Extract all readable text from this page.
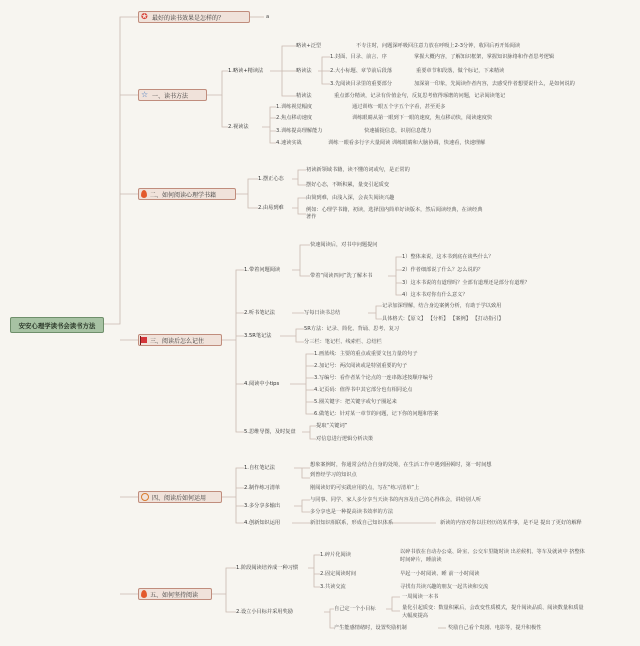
安安心理学读书会读书方法
✪ 最好的读书效果是怎样的？	a
☆ 一、读书方法
二、如何阅读心理学书籍
三、阅读后怎么记住
四、阅读后如何运用
五、如何坚持阅读
1.略读+精读法
略读+泛型	不专注时，问题深呼吸回注意力放在呼吸上2-3分钟，收回后再开始阅读
略读法
1.封面、目录、前言、序	掌握大概内容，了解知识框架，掌握知识脉络和作者思考逻辑
2.大小标题、章节前后段落	重要章节和段落，做个标记，下来精读
3.先阅读目录里的重要部分	加深第一印象，先阅读作者内容，去感受作者想要说什么，是如何说的
精读法	重点部分精读，记录有价值金句，反复思考值得琢磨的问题，记录阅读笔记
2.视读法
1.训练视觉幅度	通过训练一眼五个字五个字看，甚至更多
2.焦点移动速度	训练眼睛从第一眼到下一眼的速度，焦点移动快，阅读速度快
3.训练提高理解能力	快速捕捉信息，识别信息能力
4.速读实战	训练一眼看多行字大量阅读 训练眼睛和大脑协调，快速看，快速理解
1.摆正心态
初读新领域书籍，读不懂的词或句，是正常的
摆好心态，不断积累，量变引起质变
2.由易到难
由简到难，由浅入深，会丧失阅读兴趣
例如：心理学书籍，初读，选择国内简单好读版本，然后阅读经典，在读经典
著作
1.带着问题阅读
快速阅读后，对书中问题提问
带着“阅读四问”洗了解本书
1）整体来说，这本书到底在谈些什么？
2）作者细部说了什么？怎么说的？
3）这本书说的有道理吗？全部有道理还是部分有道理？
4）这本书对你有什么意义？
2.听书笔记法	写每日读书总结
记录加深理解，结合身边案例分析，有助于学以致用
具体格式：【原文】 【分析】 【案例】 【打动指引】
3.5R笔记法
5R方法：记录、简化、背诵、思考、复习
分三栏：笔记栏、线索栏、总结栏
4.阅读中小tips
1.画蓝线：主要的重点或重要文包力量的句子
2.加记号：两次阅读或是特别重要的句子
3.写编号：看作者某个论点的一连串陈述按顺序编号
4.记页码：值得书中其它部分也有相同论点
5.圈关键字：把关键字或句子圈起来
6.做笔记：针对某一章节的问题，记下你的问题和答案
5.思维导图，及时复盘
提取“关键词”
对信息进行逻辑分析决策
1.自杠笔记法	想象案例时，你通常会结合自身的处境，在生活工作中遇到困顿时，第一时间想
到曾经学习的知识点
2.制作练习清单	刚阅读好的可实践应用的点，写在“练习清单”上
3.多分享多输出
与同事、同学、家人多分享当天读书的内容及自己的心得体会，讲给别人听
多分享也是一种提高读书效率的方法
4.创新知识运用	新旧知识相联系，形成自己知识体系	新读的内容对你以往经历的某件事，是不是 提出了更好的解释
1.阶段阅读培养成一种习惯
1.碎片化阅读	以碎书放在自动办公桌、卧室、公交车里随时读 出差候机、等车及就读中 挤整体
时间碎片，睡前读
2.固定阅读时间	早起一小时阅读、睡 前一小时阅读
3.共读交流	寻找有共读兴趣的朋友一起共读和交流
2.设立小目标并采用奖励	自己定一个小目标
一周阅读一本书
量化引起质变：数量积累后，会改变性质模式，提升阅读品质、阅读数量和质量
大幅度提高
产生能感情绪时，设置奖励机制	奖励自己看个贵剧、电影等，提升积极性
